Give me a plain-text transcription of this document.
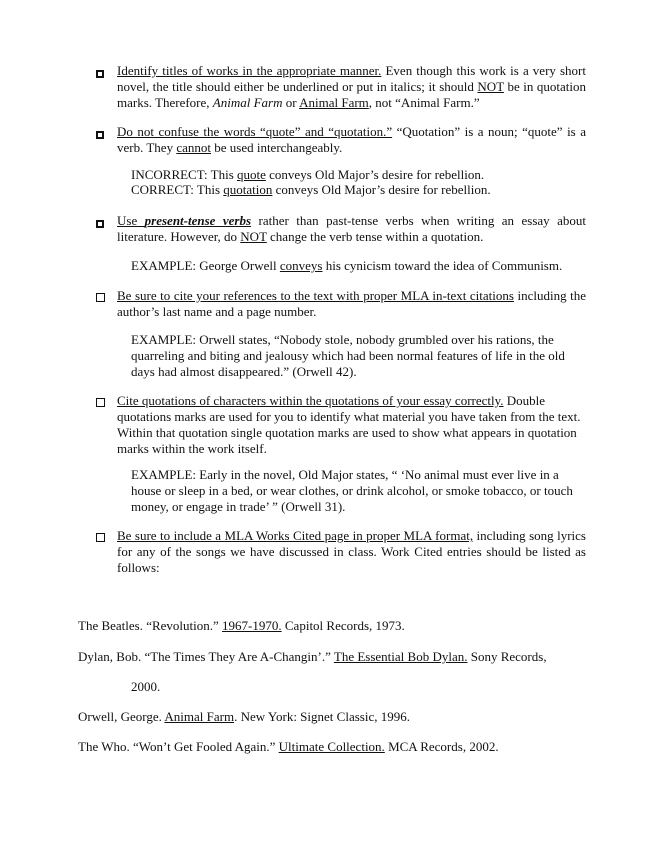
Identify titles of works in the appropriate manner. Even though this work is a very short novel, the title should either be underlined or put in italics; it should NOT be in quotation marks. Therefore, Animal Farm or Animal Farm, not “Animal Farm.”
Do not confuse the words “quote” and “quotation.” “Quotation” is a noun; “quote” is a verb. They cannot be used interchangeably.
INCORRECT: This quote conveys Old Major’s desire for rebellion.
CORRECT: This quotation conveys Old Major’s desire for rebellion.
Use present-tense verbs rather than past-tense verbs when writing an essay about literature. However, do NOT change the verb tense within a quotation.
EXAMPLE: George Orwell conveys his cynicism toward the idea of Communism.
Be sure to cite your references to the text with proper MLA in-text citations including the author’s last name and a page number.
EXAMPLE: Orwell states, “Nobody stole, nobody grumbled over his rations, the quarreling and biting and jealousy which had been normal features of life in the old days had almost disappeared.” (Orwell 42).
Cite quotations of characters within the quotations of your essay correctly. Double quotations marks are used for you to identify what material you have taken from the text. Within that quotation single quotation marks are used to show what appears in quotation marks within the work itself.
EXAMPLE: Early in the novel, Old Major states, “ ‘No animal must ever live in a house or sleep in a bed, or wear clothes, or drink alcohol, or smoke tobacco, or touch money, or engage in trade’ ” (Orwell 31).
Be sure to include a MLA Works Cited page in proper MLA format, including song lyrics for any of the songs we have discussed in class. Work Cited entries should be listed as follows:
The Beatles. “Revolution.” 1967-1970. Capitol Records, 1973.
Dylan, Bob. “The Times They Are A-Changin’.” The Essential Bob Dylan. Sony Records,
2000.
Orwell, George. Animal Farm. New York: Signet Classic, 1996.
The Who. “Won’t Get Fooled Again.” Ultimate Collection. MCA Records, 2002.
